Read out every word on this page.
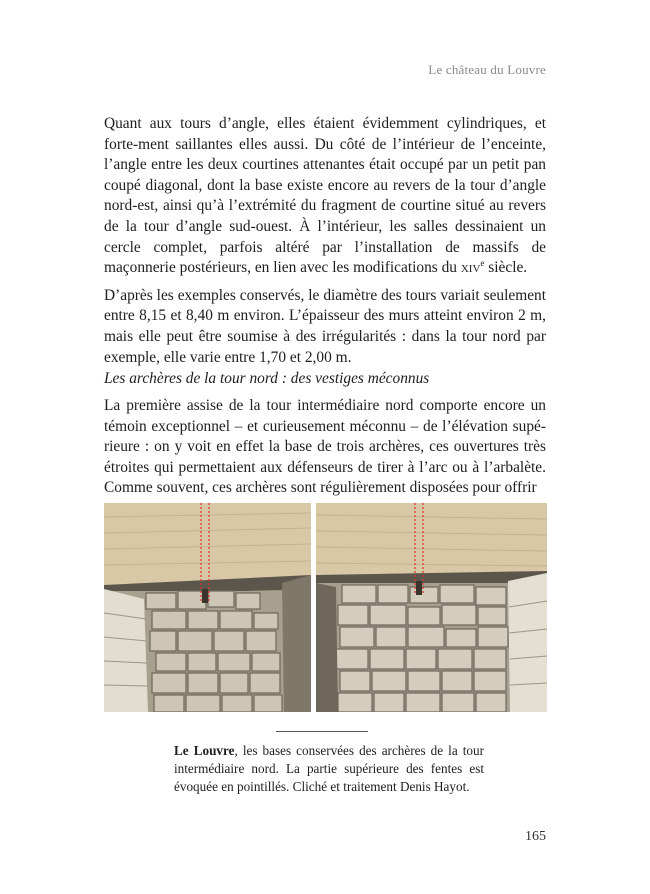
Le château du Louvre

Quant aux tours d’angle, elles étaient évidemment cylindriques, et forte-ment saillantes elles aussi. Du côté de l’intérieur de l’enceinte, l’angle entre les deux courtines attenantes était occupé par un petit pan coupé diagonal, dont la base existe encore au revers de la tour d’angle nord-est, ainsi qu’à l’extrémité du fragment de courtine situé au revers de la tour d’angle sud-ouest. À l’intérieur, les salles dessinaient un cercle complet, parfois altéré par l’installation de massifs de maçonnerie postérieurs, en lien avec les modifications du xiv$^e$ siècle.

D’après les exemples conservés, le diamètre des tours variait seulement entre 8,15 et 8,40 m environ. L’épaisseur des murs atteint environ 2 m, mais elle peut être soumise à des irrégularités : dans la tour nord par exemple, elle varie entre 1,70 et 2,00 m.

Les archères de la tour nord : des vestiges méconnus

La première assise de la tour intermédiaire nord comporte encore un témoin exceptionnel – et curieusement méconnu – de l’élévation supé-rieure : on y voit en effet la base de trois archères, ces ouvertures très étroites qui permettaient aux défenseurs de tirer à l’arc ou à l’arbalète. Comme souvent, ces archères sont régulièrement disposées pour offrir

Le Louvre, les bases conservées des archères de la tour intermédiaire nord. La partie supérieure des fentes est évoquée en pointillés. Cliché et traitement Denis Hayot.

165
